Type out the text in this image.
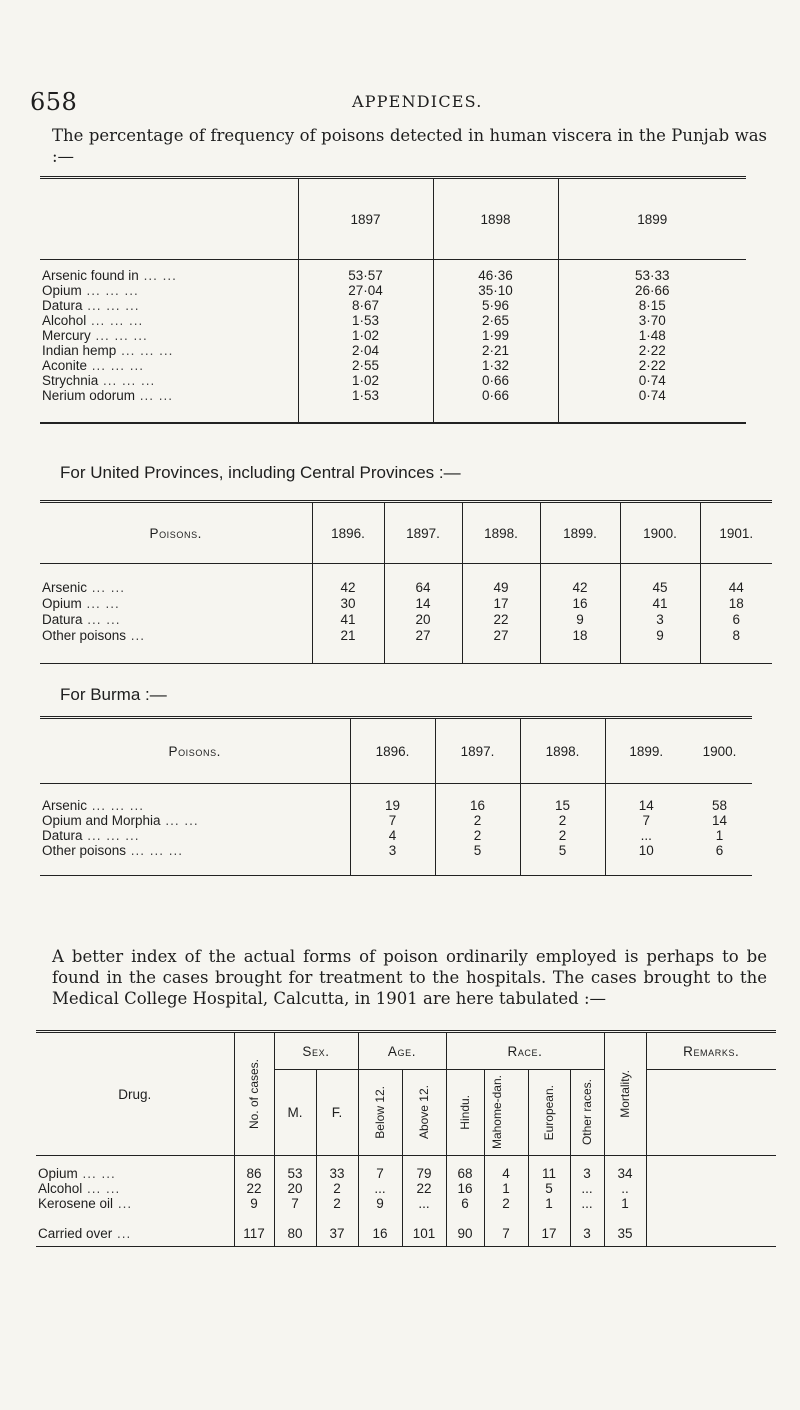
658	APPENDICES.
The percentage of frequency of poisons detected in human viscera in the Punjab was :—
	1897	1898	1899

Arsenic found in ... ...	53·57	46·36	53·33
Opium ... ... ...	27·04	35·10	26·66
Datura ... ... ...	8·67	5·96	8·15
Alcohol ... ... ...	1·53	2·65	3·70
Mercury ... ... ...	1·02	1·99	1·48
Indian hemp ... ... ...	2·04	2·21	2·22
Aconite ... ... ...	2·55	1·32	2·22
Strychnia ... ... ...	1·02	0·66	0·74
Nerium odorum ... ...	1·53	0·66	0·74

For United Provinces, including Central Provinces :—
Poisons.	1896.	1897.	1898.	1899.	1900.	1901.

Arsenic ... ...	42	64	49	42	45	44
Opium ... ...	30	14	17	16	41	18
Datura ... ...	41	20	22	9	3	6
Other poisons ...	21	27	27	18	9	8

For Burma :—
Poisons.	1896.	1897.	1898.	1899.	1900.

Arsenic ... ... ...	19	16	15	14	58
Opium and Morphia ... ...	7	2	2	7	14
Datura ... ... ...	4	2	2	...	1
Other poisons ... ... ...	3	5	5	10	6

A better index of the actual forms of poison ordinarily employed is perhaps to be found in the cases brought for treatment to the hospitals. The cases brought to the Medical College Hospital, Calcutta, in 1901 are here tabulated :—
Drug.	No. of cases.	Sex.		Age.		Race.				Mortality.	Remarks.
		M.	F.	Below 12.	Above 12.	Hindu.	Mahome-dan.	European.	Other races.		

Opium ... ...	86	53	33	7	79	68	4	11	3	34	
Alcohol ... ...	22	20	2	...	22	16	1	5	...	..	
Kerosene oil ...	9	7	2	9	...	6	2	1	...	1	

Carried over ...	117	80	37	16	101	90	7	17	3	35	
